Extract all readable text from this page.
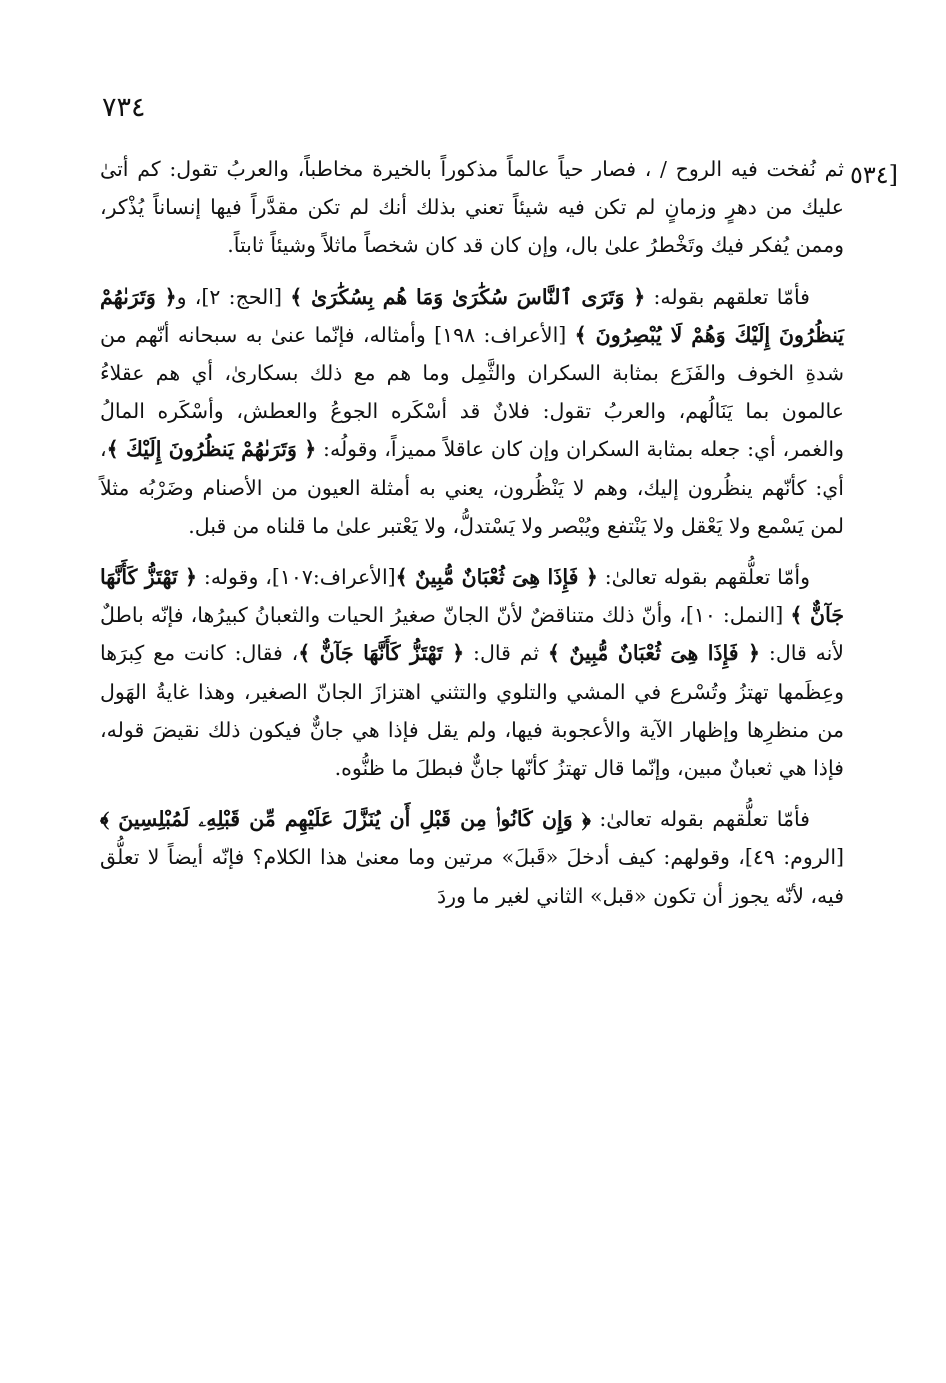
٧٣٤
[٥٣٤

ثم نُفخت فيه الروح / ، فصار حياً عالماً مذكوراً بالخيرة مخاطباً، والعربُ تقول: كم أتىٰ عليك من دهرٍ وزمانٍ لم تكن فيه شيئاً تعني بذلك أنك لم تكن مقدَّراً فيها إنساناً يُذْكر، وممن يُفكر فيك وتَخْطرُ علىٰ بال، وإن كان قد كان شخصاً ماثلاً وشيئاً ثابتاً.

فأمّا تعلقهم بقوله: ﴿ وَتَرَى ٱلنَّاسَ سُكَٰرَىٰ وَمَا هُم بِسُكَٰرَىٰ ﴾ [الحج: ٢]، و﴿ وَتَرَىٰهُمْ يَنظُرُونَ إِلَيْكَ وَهُمْ لَا يُبْصِرُونَ ﴾ [الأعراف: ١٩٨] وأمثاله، فإنّما عنىٰ به سبحانه أنّهم من شدةِ الخوف والفَزَع بمثابة السكران والثَّمِل وما هم مع ذلك بسكارىٰ، أي هم عقلاءُ عالمون بما يَنَالُهم، والعربُ تقول: فلانٌ قد أسْكَره الجوعُ والعطش، وأسْكَره المالُ والغمر، أي: جعله بمثابة السكران وإن كان عاقلاً مميزاً، وقولُه: ﴿ وَتَرَىٰهُمْ يَنظُرُونَ إِلَيْكَ ﴾، أي: كأنّهم ينظُرون إليك، وهم لا يَنْظُرون، يعني به أمثلة العيون من الأصنام وضَرْبُه مثلاً لمن يَسْمع ولا يَعْقل ولا يَنْتفع ويُبْصر ولا يَسْتدلُّ، ولا يَعْتبر علىٰ ما قلناه من قبل.

وأمّا تعلُّقهم بقوله تعالىٰ: ﴿ فَإِذَا هِىَ ثُعْبَانٌ مُّبِينٌ ﴾[الأعراف:١٠٧]، وقوله: ﴿ تَهْتَزُّ كَأَنَّهَا جَآنٌّ ﴾ [النمل: ١٠]، وأنّ ذلك متناقضٌ لأنّ الجانّ صغيرُ الحيات والثعبانُ كبيرُها، فإنّه باطلٌ لأنه قال: ﴿ فَإِذَا هِىَ ثُعْبَانٌ مُّبِينٌ ﴾ ثم قال: ﴿ تَهْتَزُّ كَأَنَّهَا جَآنٌّ ﴾، فقال: كانت مع كِبرَها وعِظَمها تهتزُ وتُسْرع في المشي والتلوي والتثني اهتزازَ الجانّ الصغير، وهذا غايةُ الهَول من منظرِها وإظهار الآية والأعجوبة فيها، ولم يقل فإذا هي جانٌّ فيكون ذلك نقيضَ قوله، فإذا هي ثعبانٌ مبين، وإنّما قال تهتزُ كأنّها جانٌّ فبطلَ ما ظنُّوه.

فأمّا تعلُّقهم بقوله تعالىٰ: ﴿ وَإِن كَانُوا۟ مِن قَبْلِ أَن يُنَزَّلَ عَلَيْهِم مِّن قَبْلِهِۦ لَمُبْلِسِينَ ﴾ [الروم: ٤٩]، وقولهم: كيف أدخلَ «قَبلَ» مرتين وما معنىٰ هذا الكلام؟ فإنّه أيضاً لا تعلُّق فيه، لأنّه يجوز أن تكون «قبل» الثاني لغير ما وردَ
